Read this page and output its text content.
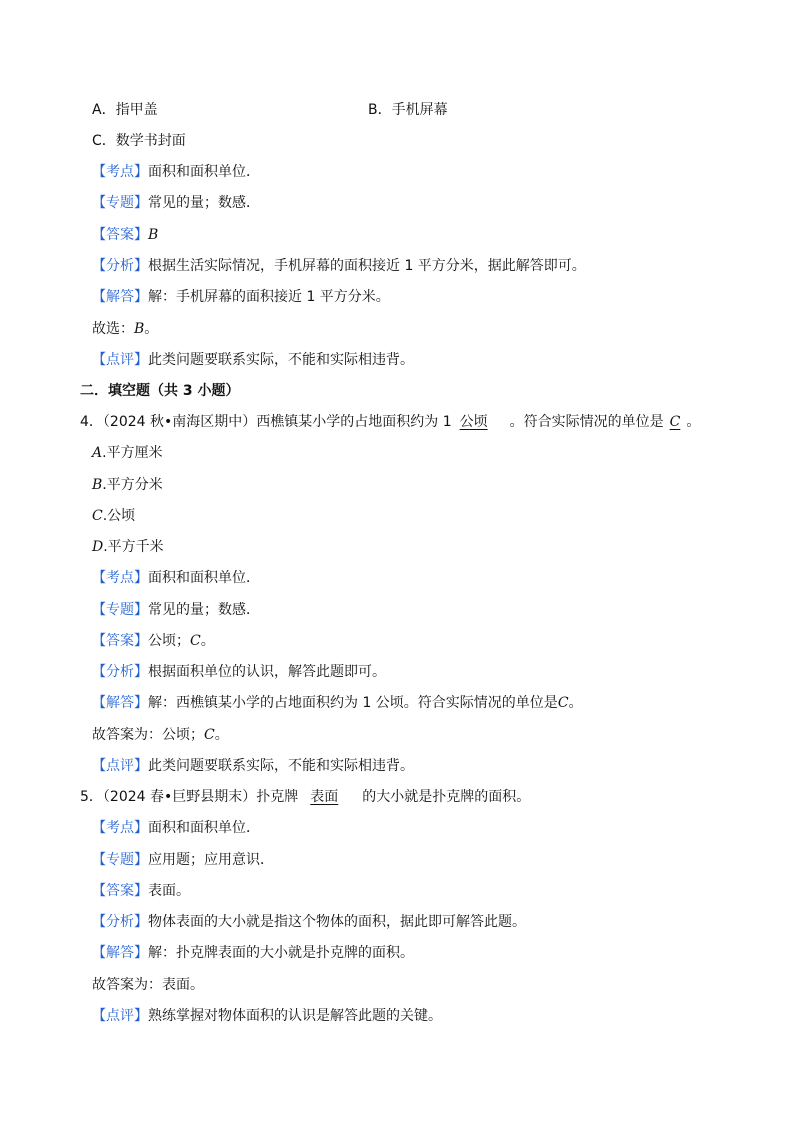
A．指甲盖	B．手机屏幕
C．数学书封面
【考点】面积和面积单位．
【专题】常见的量；数感．
【答案】B
【分析】根据生活实际情况，手机屏幕的面积接近 1 平方分米，据此解答即可。
【解答】解：手机屏幕的面积接近 1 平方分米。
故选：B。
【点评】此类问题要联系实际，不能和实际相违背。
二．填空题（共 3 小题）
4．（2024 秋•南海区期中）西樵镇某小学的占地面积约为 1 公顷 。符合实际情况的单位是 C 。
A.平方厘米
B.平方分米
C.公顷
D.平方千米
【考点】面积和面积单位．
【专题】常见的量；数感．
【答案】公顷；C。
【分析】根据面积单位的认识，解答此题即可。
【解答】解：西樵镇某小学的占地面积约为 1 公顷。符合实际情况的单位是C。
故答案为：公顷；C。
【点评】此类问题要联系实际，不能和实际相违背。
5．（2024 春•巨野县期末）扑克牌 表面 的大小就是扑克牌的面积。
【考点】面积和面积单位．
【专题】应用题；应用意识．
【答案】表面。
【分析】物体表面的大小就是指这个物体的面积，据此即可解答此题。
【解答】解：扑克牌表面的大小就是扑克牌的面积。
故答案为：表面。
【点评】熟练掌握对物体面积的认识是解答此题的关键。
